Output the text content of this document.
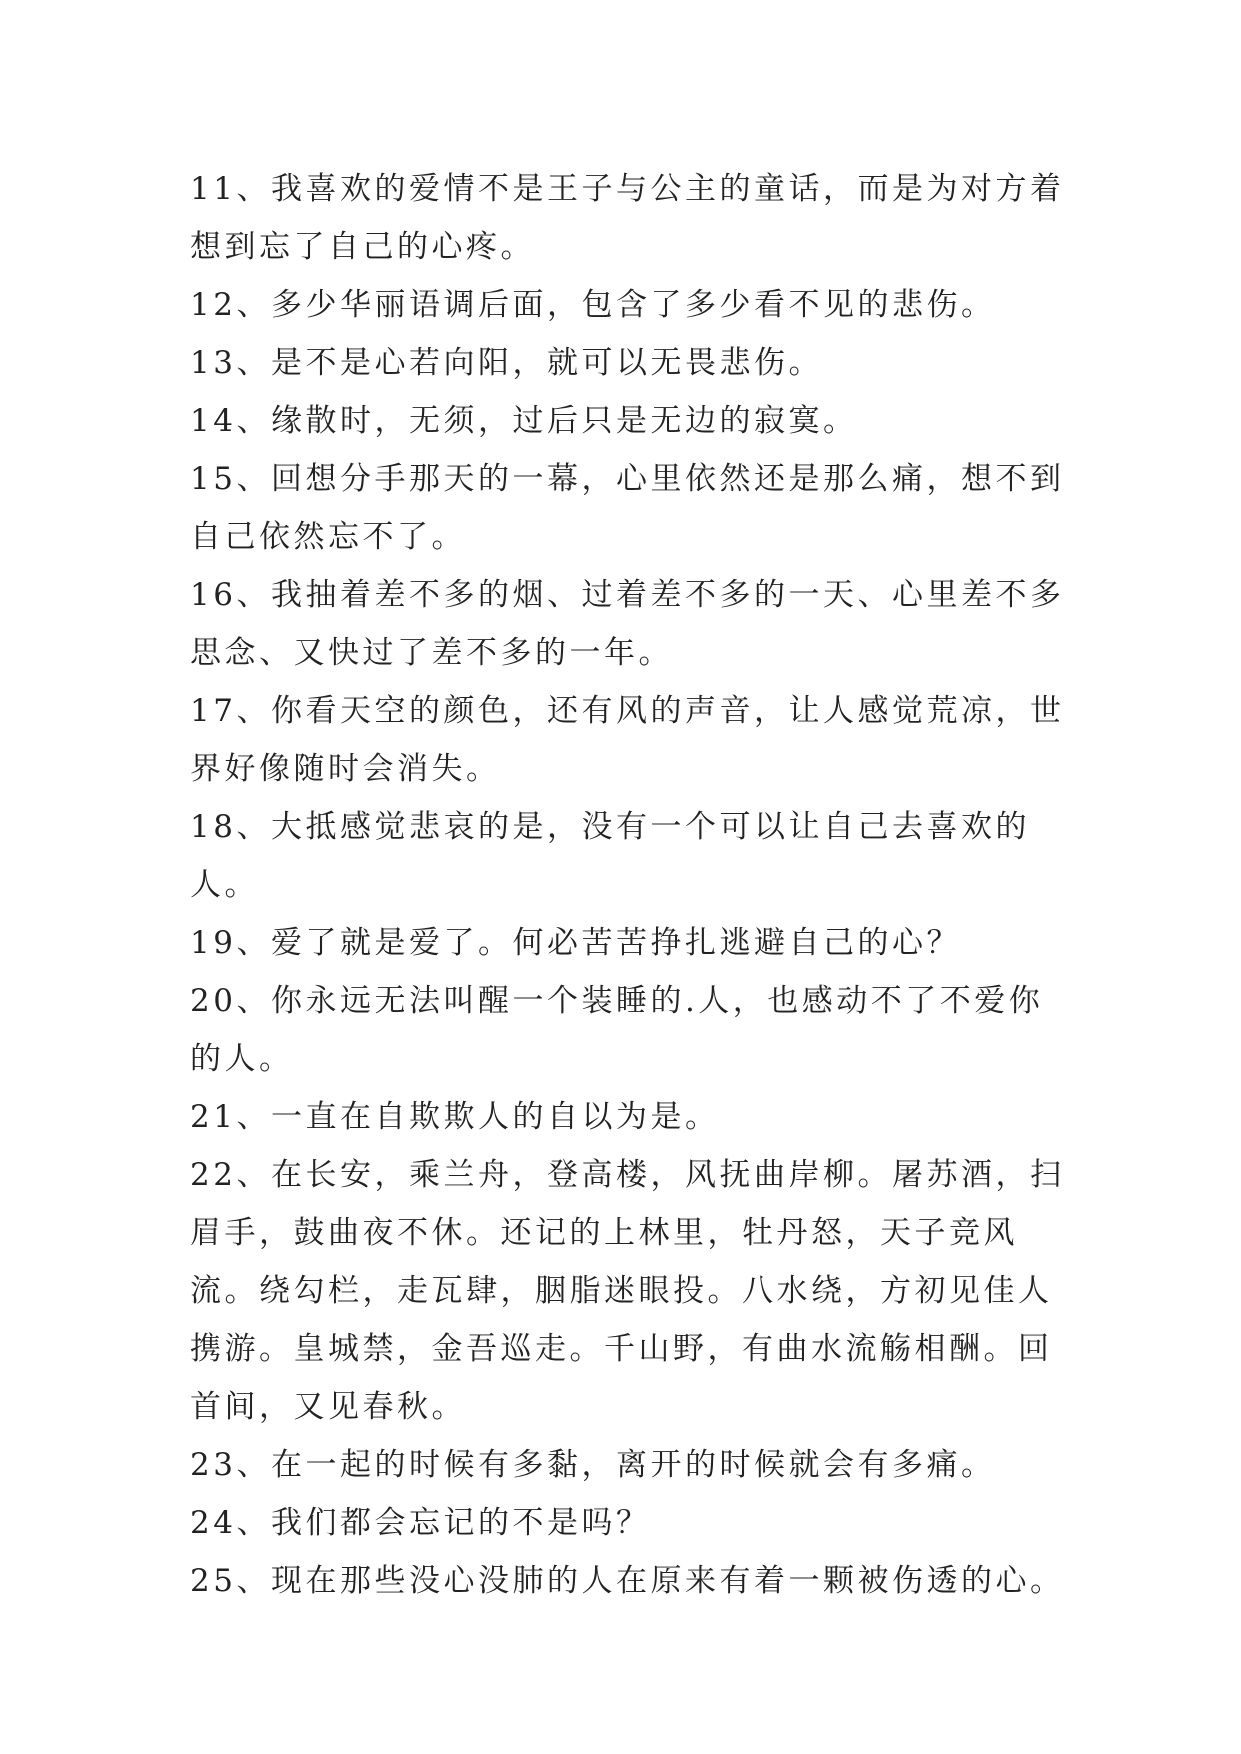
11、我喜欢的爱情不是王子与公主的童话，而是为对方着想到忘了自己的心疼。

12、多少华丽语调后面，包含了多少看不见的悲伤。

13、是不是心若向阳，就可以无畏悲伤。

14、缘散时，无须，过后只是无边的寂寞。

15、回想分手那天的一幕，心里依然还是那么痛，想不到自己依然忘不了。

16、我抽着差不多的烟、过着差不多的一天、心里差不多思念、又快过了差不多的一年。

17、你看天空的颜色，还有风的声音，让人感觉荒凉，世界好像随时会消失。

18、大抵感觉悲哀的是，没有一个可以让自己去喜欢的人。

19、爱了就是爱了。何必苦苦挣扎逃避自己的心？

20、你永远无法叫醒一个装睡的.人，也感动不了不爱你的人。

21、一直在自欺欺人的自以为是。

22、在长安，乘兰舟，登高楼，风抚曲岸柳。屠苏酒，扫眉手，鼓曲夜不休。还记的上林里，牡丹怒，天子竞风流。绕勾栏，走瓦肆，胭脂迷眼投。八水绕，方初见佳人携游。皇城禁，金吾巡走。千山野，有曲水流觞相酬。回首间，又见春秋。

23、在一起的时候有多黏，离开的时候就会有多痛。

24、我们都会忘记的不是吗？

25、现在那些没心没肺的人在原来有着一颗被伤透的心。
